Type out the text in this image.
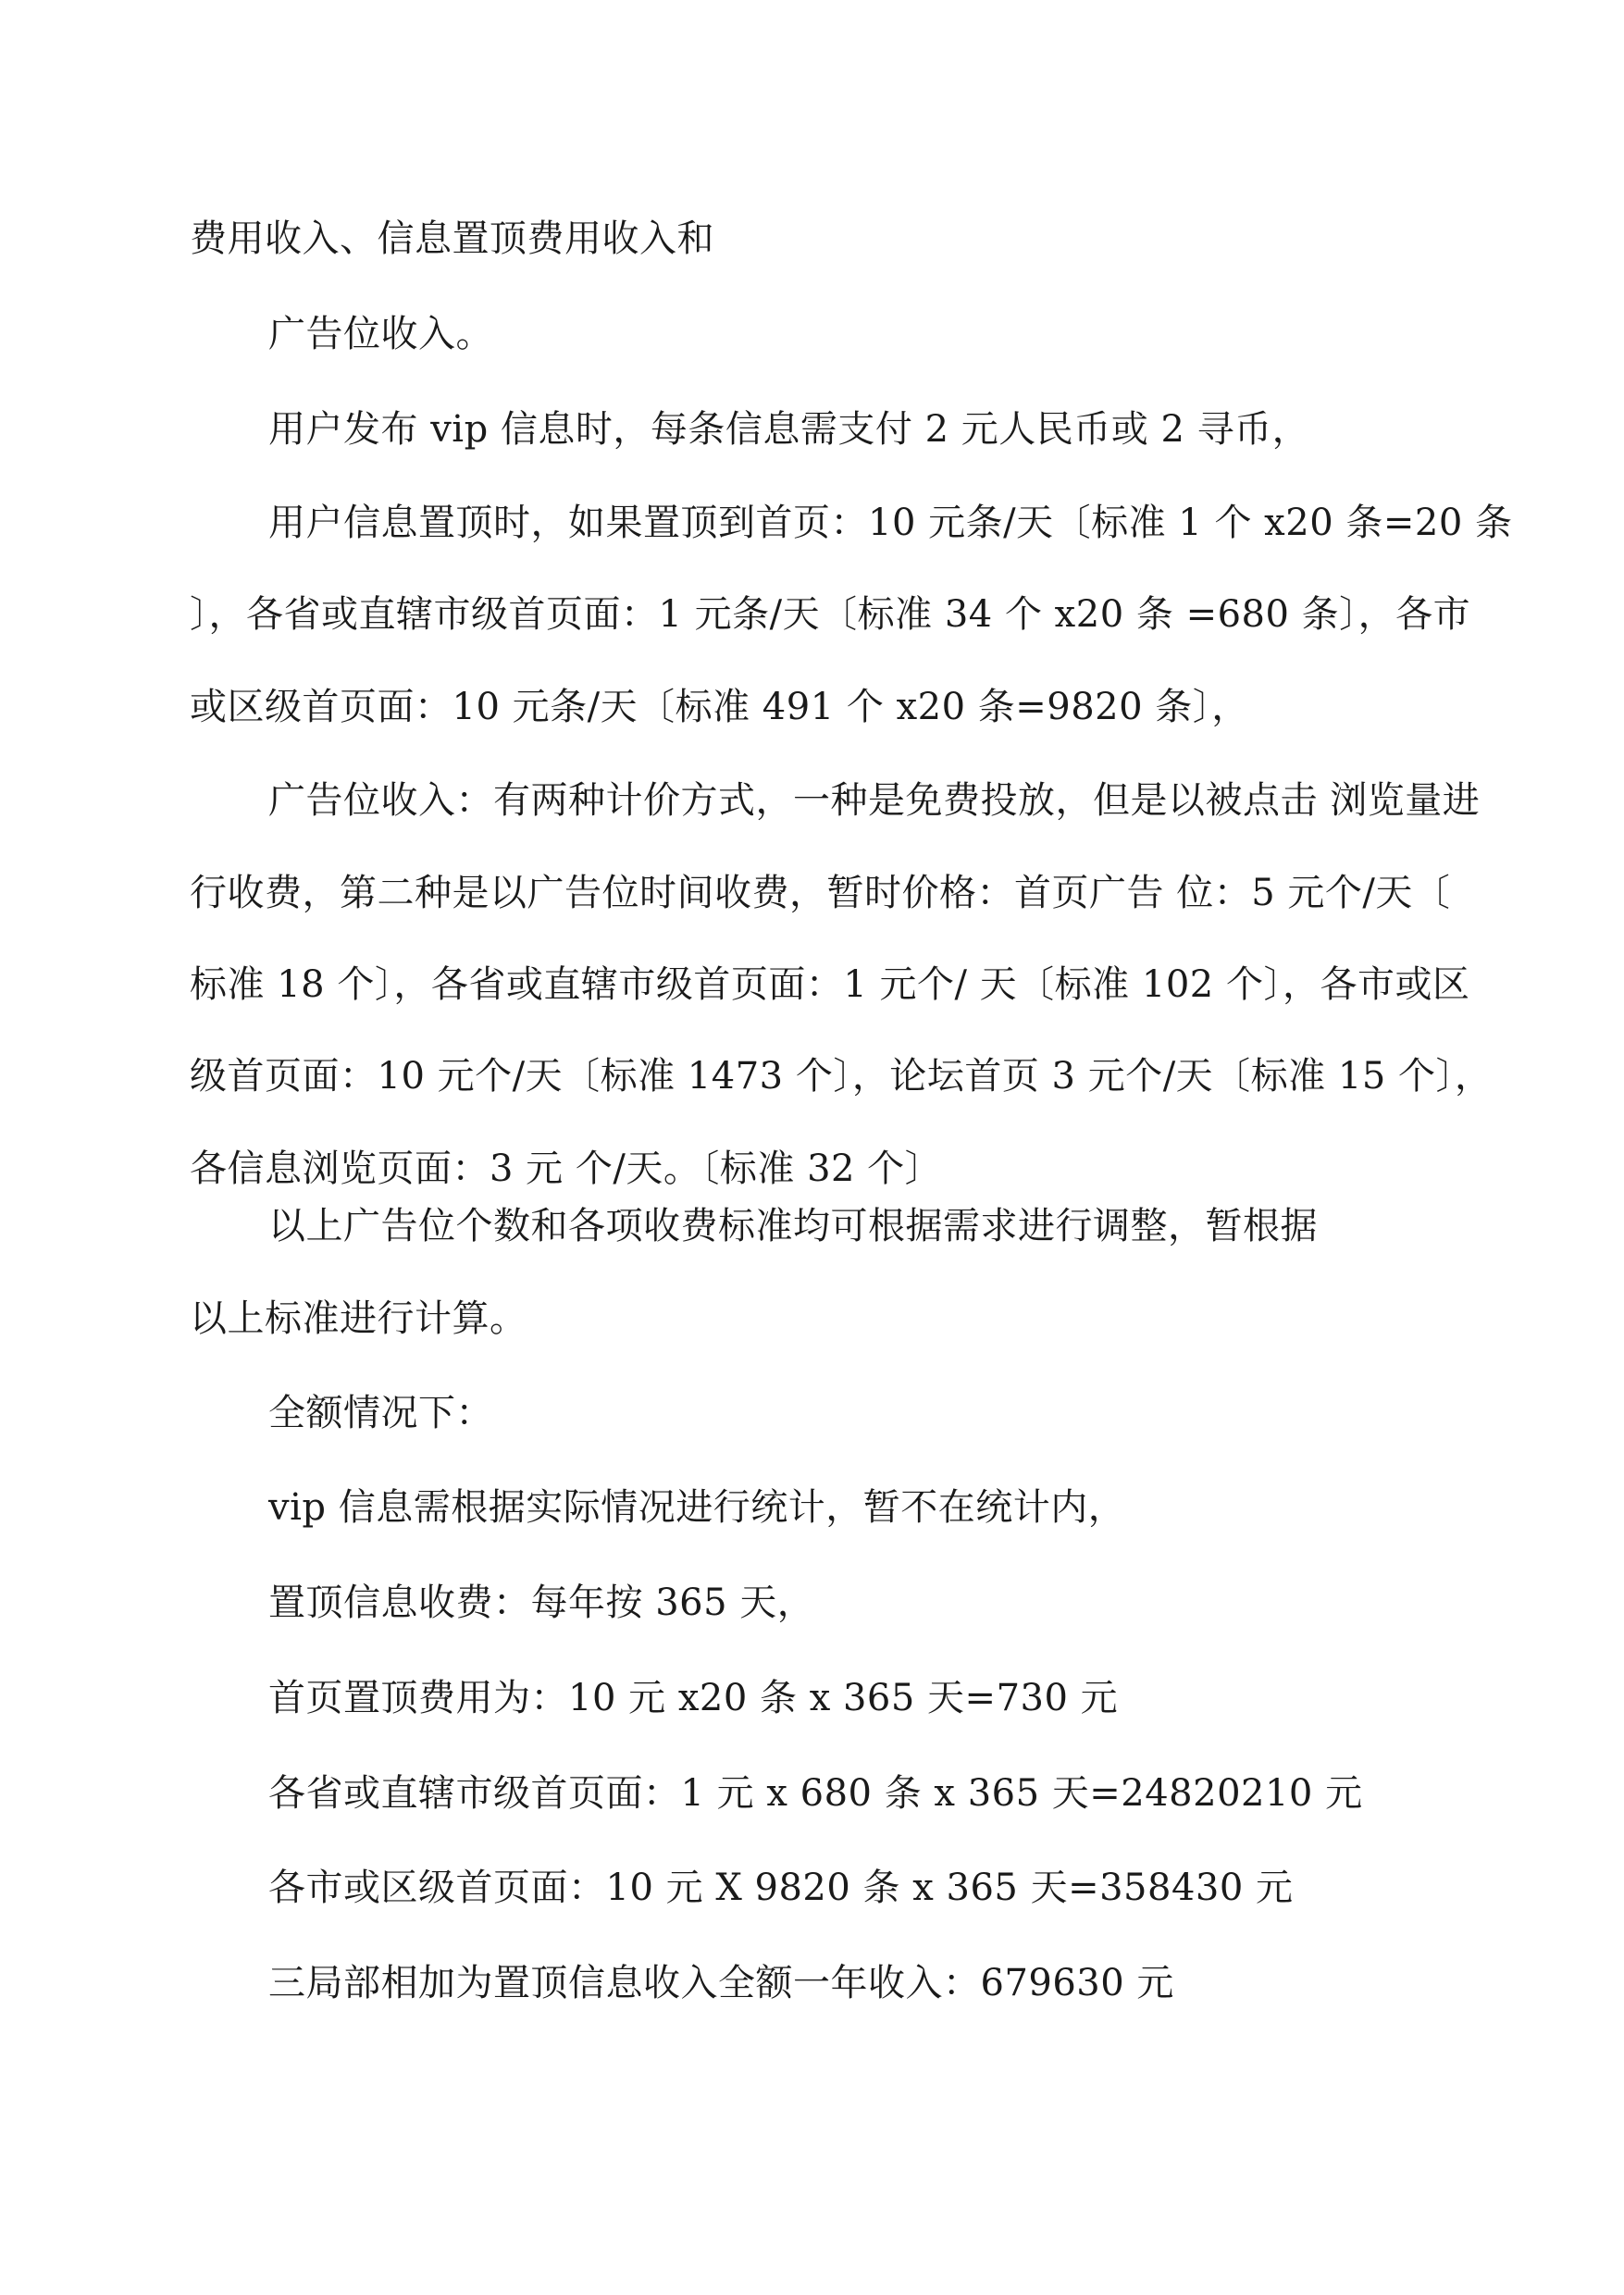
费用收入、信息置顶费用收入和
广告位收入。
用户发布 vip 信息时，每条信息需支付 2 元人民币或 2 寻币，
用户信息置顶时，如果置顶到首页：10 元条/天〔标准 1 个 x20 条=20 条
〕，各省或直辖市级首页面：1 元条/天〔标准 34 个 x20 条 =680 条〕，各市
或区级首页面：10 元条/天〔标准 491 个 x20 条=9820 条〕，
广告位收入：有两种计价方式，一种是免费投放，但是以被点击 浏览量进
行收费，第二种是以广告位时间收费，暂时价格：首页广告 位：5 元个/天〔
标准 18 个〕，各省或直辖市级首页面：1 元个/ 天〔标准 102 个〕，各市或区
级首页面：10 元个/天〔标准 1473 个〕，论坛首页 3 元个/天〔标准 15 个〕，
各信息浏览页面：3 元 个/天。〔标准 32 个〕
以上广告位个数和各项收费标准均可根据需求进行调整，暂根据
以上标准进行计算。
全额情况下：
vip 信息需根据实际情况进行统计，暂不在统计内，
置顶信息收费：每年按 365 天，
首页置顶费用为：10 元 x20 条 x 365 天=730 元
各省或直辖市级首页面：1 元 x 680 条 x 365 天=24820210 元
各市或区级首页面：10 元 X 9820 条 x 365 天=358430 元
三局部相加为置顶信息收入全额一年收入：679630 元
